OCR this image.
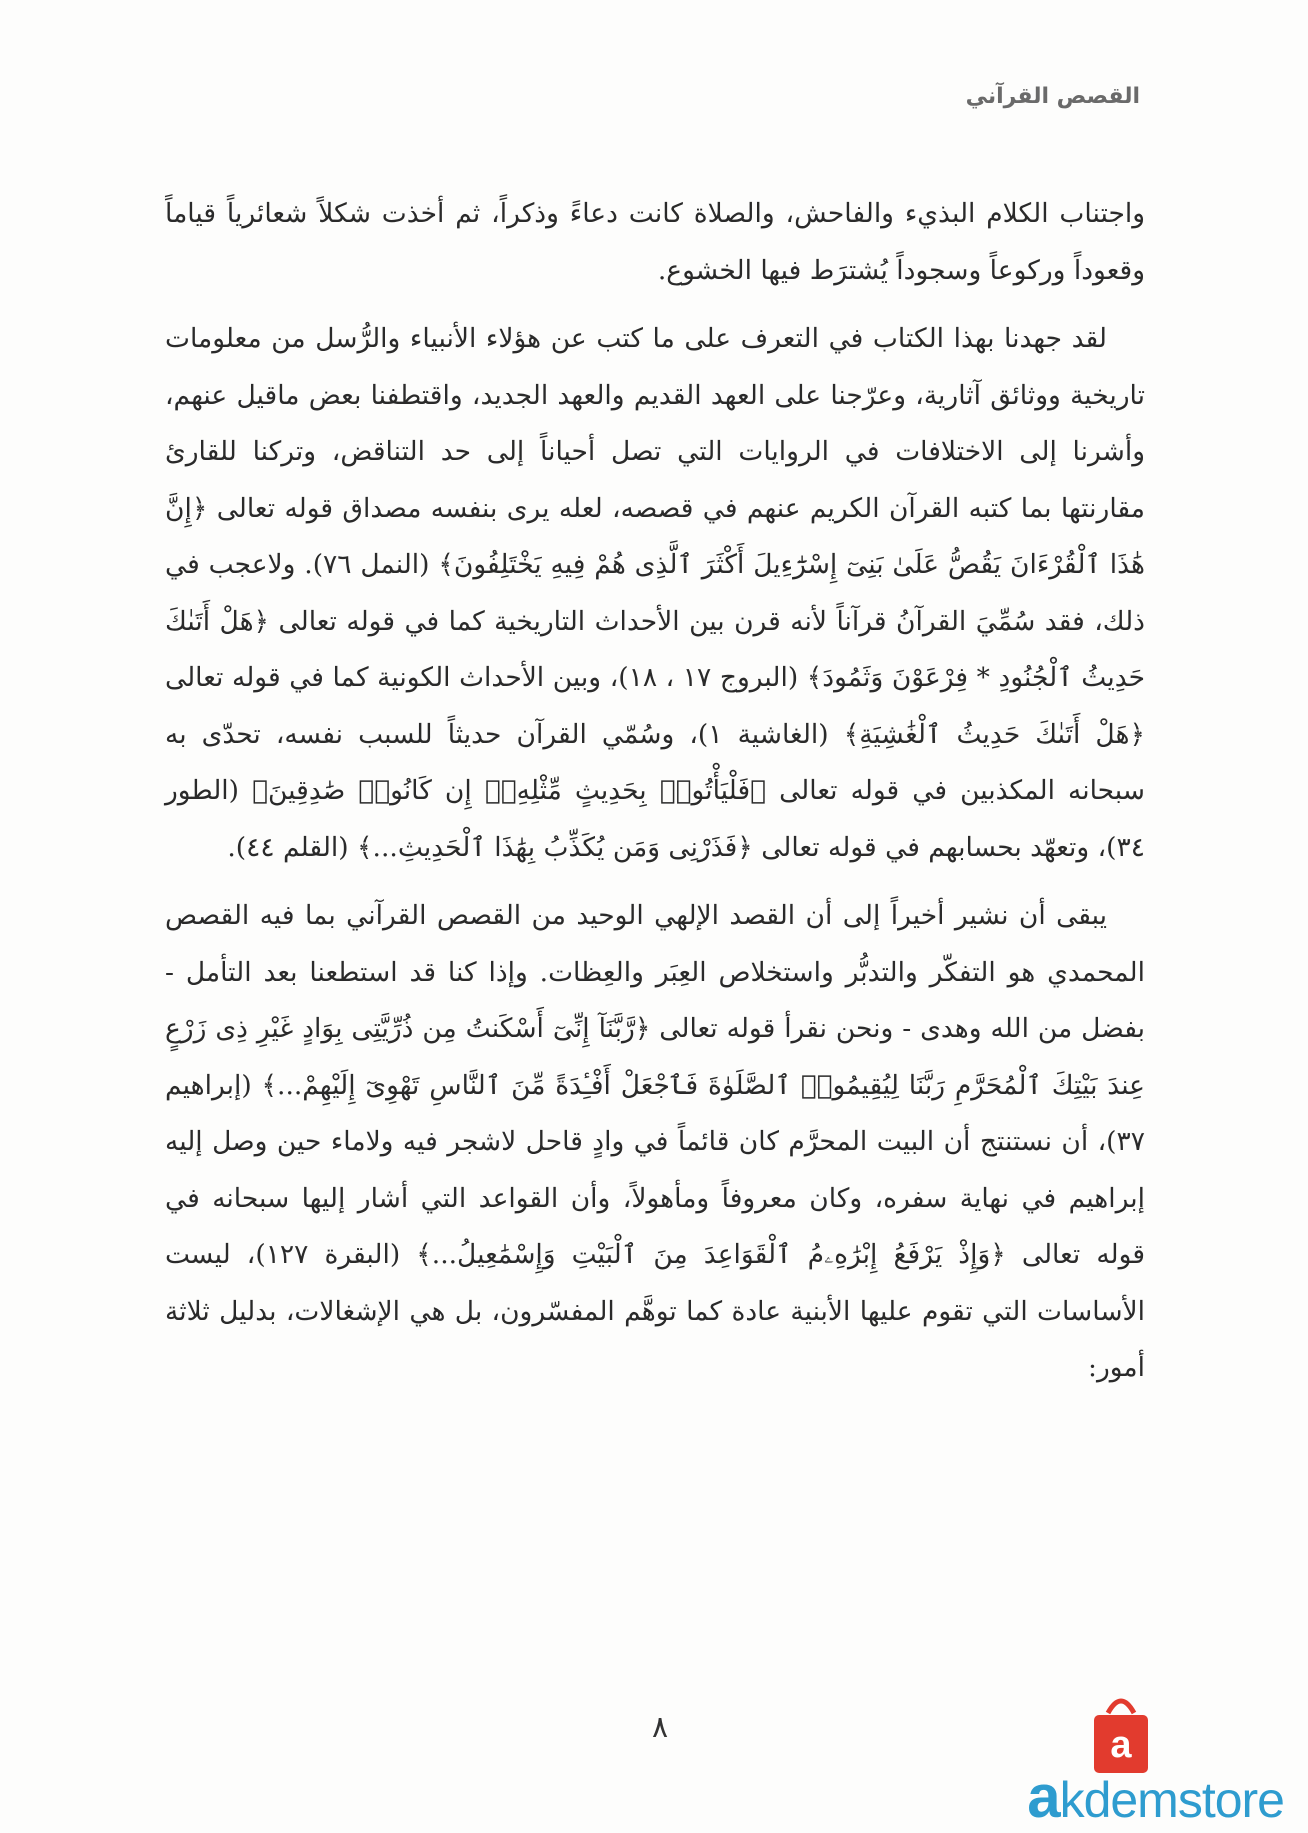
القصص القرآني

واجتناب الكلام البذيء والفاحش، والصلاة كانت دعاءً وذكراً، ثم أخذت شكلاً شعائرياً قياماً وقعوداً وركوعاً وسجوداً يُشترَط فيها الخشوع.

لقد جهدنا بهذا الكتاب في التعرف على ما كتب عن هؤلاء الأنبياء والرُّسل من معلومات تاريخية ووثائق آثارية، وعرّجنا على العهد القديم والعهد الجديد، واقتطفنا بعض ماقيل عنهم، وأشرنا إلى الاختلافات في الروايات التي تصل أحياناً إلى حد التناقض، وتركنا للقارئ مقارنتها بما كتبه القرآن الكريم عنهم في قصصه، لعله يرى بنفسه مصداق قوله تعالى ﴿إِنَّ هَٰذَا ٱلْقُرْءَانَ يَقُصُّ عَلَىٰ بَنِىٓ إِسْرَٰٓءِيلَ أَكْثَرَ ٱلَّذِى هُمْ فِيهِ يَخْتَلِفُونَ﴾ (النمل ٧٦). ولاعجب في ذلك، فقد سُمِّيَ القرآنُ قرآناً لأنه قرن بين الأحداث التاريخية كما في قوله تعالى ﴿هَلْ أَتَىٰكَ حَدِيثُ ٱلْجُنُودِ * فِرْعَوْنَ وَثَمُودَ﴾ (البروج ١٧ ، ١٨)، وبين الأحداث الكونية كما في قوله تعالى ﴿هَلْ أَتَىٰكَ حَدِيثُ ٱلْغَٰشِيَةِ﴾ (الغاشية ١)، وسُمّي القرآن حديثاً للسبب نفسه، تحدّى به سبحانه المكذبين في قوله تعالى ﴿فَلْيَأْتُوا۟ بِحَدِيثٍ مِّثْلِهِۦٓ إِن كَانُوا۟ صَٰدِقِينَ﴾ (الطور ٣٤)، وتعهّد بحسابهم في قوله تعالى ﴿فَذَرْنِى وَمَن يُكَذِّبُ بِهَٰذَا ٱلْحَدِيثِ...﴾ (القلم ٤٤).

يبقى أن نشير أخيراً إلى أن القصد الإلهي الوحيد من القصص القرآني بما فيه القصص المحمدي هو التفكّر والتدبُّر واستخلاص العِبَر والعِظات. وإذا كنا قد استطعنا بعد التأمل - بفضل من الله وهدى - ونحن نقرأ قوله تعالى ﴿رَّبَّنَآ إِنِّىٓ أَسْكَنتُ مِن ذُرِّيَّتِى بِوَادٍ غَيْرِ ذِى زَرْعٍ عِندَ بَيْتِكَ ٱلْمُحَرَّمِ رَبَّنَا لِيُقِيمُوا۟ ٱلصَّلَوٰةَ فَٱجْعَلْ أَفْـِٔدَةً مِّنَ ٱلنَّاسِ تَهْوِىٓ إِلَيْهِمْ...﴾ (إبراهيم ٣٧)، أن نستنتج أن البيت المحرَّم كان قائماً في وادٍ قاحل لاشجر فيه ولاماء حين وصل إليه إبراهيم في نهاية سفره، وكان معروفاً ومأهولاً، وأن القواعد التي أشار إليها سبحانه في قوله تعالى ﴿وَإِذْ يَرْفَعُ إِبْرَٰهِۦمُ ٱلْقَوَاعِدَ مِنَ ٱلْبَيْتِ وَإِسْمَٰعِيلُ...﴾ (البقرة ١٢٧)، ليست الأساسات التي تقوم عليها الأبنية عادة كما توهَّم المفسّرون، بل هي الإشغالات، بدليل ثلاثة أمور:

٨	a
akdemstore
